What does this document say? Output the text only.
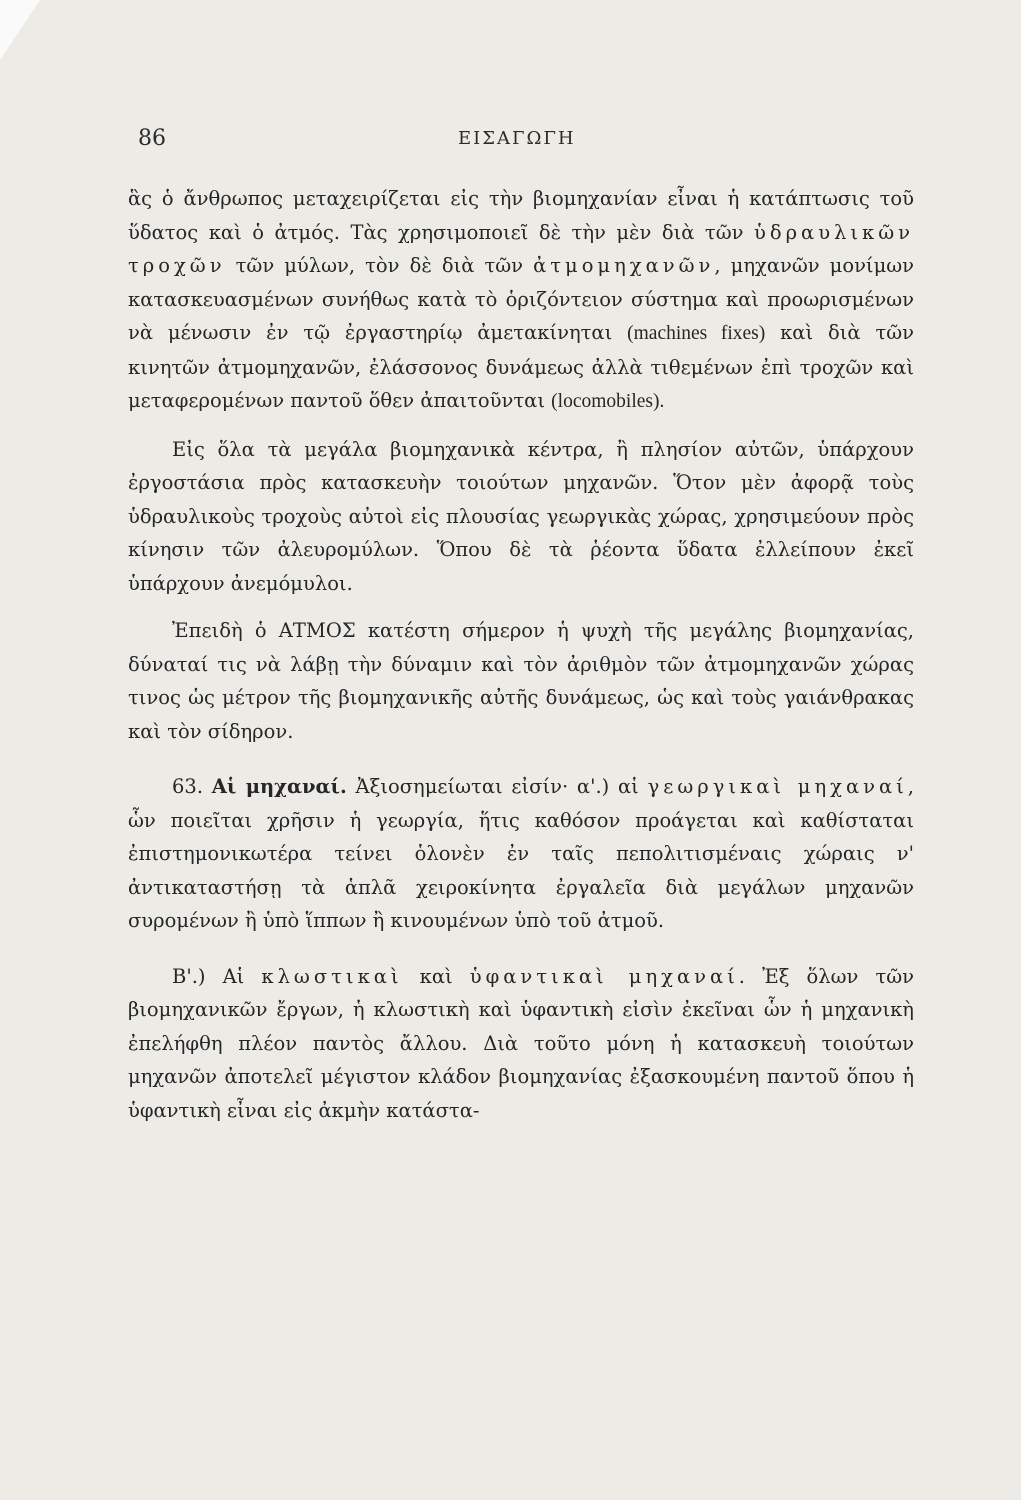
86	ΕΙΣΑΓΩΓΗ

ἃς ὁ ἄνθρωπος μεταχειρίζεται εἰς τὴν βιομηχανίαν εἶναι ἡ κατάπτωσις τοῦ ὕδατος καὶ ὁ ἀτμός. Τὰς χρησιμοποιεῖ δὲ τὴν μὲν διὰ τῶν ὑδραυλικῶν τροχῶν τῶν μύλων, τὸν δὲ διὰ τῶν ἀτμομηχανῶν, μηχανῶν μονίμων κατασκευασμένων συνήθως κατὰ τὸ ὁριζόντειον σύστημα καὶ προωρισμένων νὰ μένωσιν ἐν τῷ ἐργαστηρίῳ ἀμετακίνηται (machines fixes) καὶ διὰ τῶν κινητῶν ἀτμομηχανῶν, ἐλάσσονος δυνάμεως ἀλλὰ τιθεμένων ἐπὶ τροχῶν καὶ μεταφερομένων παντοῦ ὅθεν ἀπαιτοῦνται (locomobiles).

Εἰς ὅλα τὰ μεγάλα βιομηχανικὰ κέντρα, ἢ πλησίον αὐτῶν, ὑπάρχουν ἐργοστάσια πρὸς κατασκευὴν τοιούτων μηχανῶν. Ὅτον μὲν ἀφορᾷ τοὺς ὑδραυλικοὺς τροχοὺς αὐτοὶ εἰς πλουσίας γεωργικὰς χώρας, χρησιμεύουν πρὸς κίνησιν τῶν ἀλευρομύλων. Ὅπου δὲ τὰ ῥέοντα ὕδατα ἐλλείπουν ἐκεῖ ὑπάρχουν ἀνεμόμυλοι.

Ἐπειδὴ ὁ ΑΤΜΟΣ κατέστη σήμερον ἡ ψυχὴ τῆς μεγάλης βιομηχανίας, δύναταί τις νὰ λάβῃ τὴν δύναμιν καὶ τὸν ἀριθμὸν τῶν ἀτμομηχανῶν χώρας τινος ὡς μέτρον τῆς βιομηχανικῆς αὐτῆς δυνάμεως, ὡς καὶ τοὺς γαιάνθρακας καὶ τὸν σίδηρον.

63. Αἱ μηχαναί. Ἀξιοσημείωται εἰσίν· α'.) αἱ γεωργικαὶ μηχαναί, ὧν ποιεῖται χρῆσιν ἡ γεωργία, ἥτις καθόσον προάγεται καὶ καθίσταται ἐπιστημονικωτέρα τείνει ὁλονὲν ἐν ταῖς πεπολιτισμέναις χώραις ν' ἀντικαταστήσῃ τὰ ἁπλᾶ χειροκίνητα ἐργαλεῖα διὰ μεγάλων μηχανῶν συρομένων ἢ ὑπὸ ἵππων ἢ κινουμένων ὑπὸ τοῦ ἀτμοῦ.

Β'.) Αἱ κλωστικαὶ καὶ ὑφαντικαὶ μηχαναί. Ἐξ ὅλων τῶν βιομηχανικῶν ἔργων, ἡ κλωστικὴ καὶ ὑφαντικὴ εἰσὶν ἐκεῖναι ὧν ἡ μηχανικὴ ἐπελήφθη πλέον παντὸς ἄλλου. Διὰ τοῦτο μόνη ἡ κατασκευὴ τοιούτων μηχανῶν ἀποτελεῖ μέγιστον κλάδον βιομηχανίας ἐξασκουμένη παντοῦ ὅπου ἡ ὑφαντικὴ εἶναι εἰς ἀκμὴν κατάστα-
